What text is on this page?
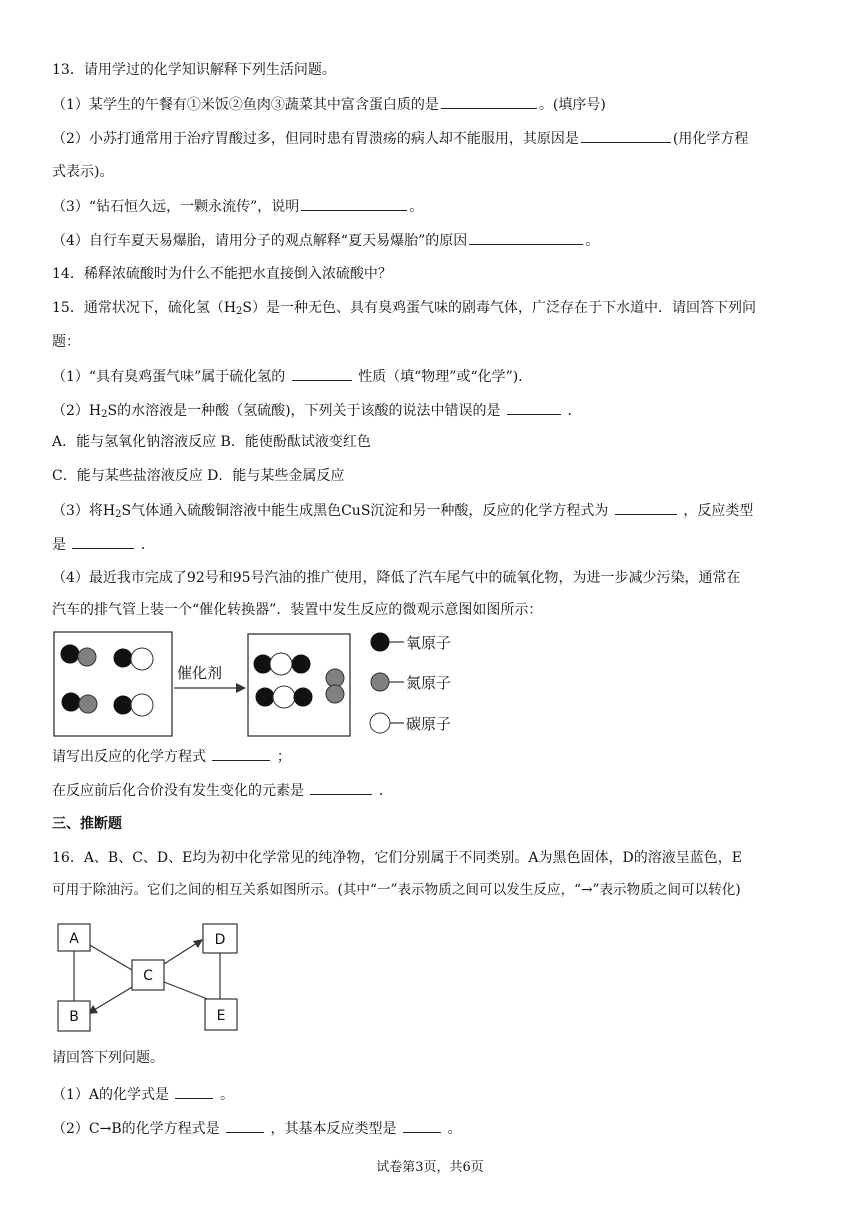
13．请用学过的化学知识解释下列生活问题。
（1）某学生的午餐有①米饭②鱼肉③蔬菜其中富含蛋白质的是	。(填序号)
（2）小苏打通常用于治疗胃酸过多，但同时患有胃溃疡的病人却不能服用，其原因是	(用化学方程
式表示)。
（3）“钻石恒久远，一颗永流传”，说明	。
（4）自行车夏天易爆胎，请用分子的观点解释“夏天易爆胎”的原因	。
14．稀释浓硫酸时为什么不能把水直接倒入浓硫酸中？
15．通常状况下，硫化氢$(H_2S)$是一种无色、具有臭鸡蛋气味的剧毒气体，广泛存在于下水道中．请回答下列问
题：
（1）“具有臭鸡蛋气味”属于硫化氢的	性质（填“物理”或“化学”)．
$(2)H_2S$的水溶液是一种酸（氢硫酸)，下列关于该酸的说法中错误的是	．
A．能与氢氧化钠溶液反应 B．能使酚酞试液变红色
C．能与某些盐溶液反应 D．能与某些金属反应
（3）将$H_2S$气体通入硫酸铜溶液中能生成黑色CuS沉淀和另一种酸，反应的化学方程式为	，反应类型
是	．
（4）最近我市完成了92号和95号汽油的推广使用，降低了汽车尾气中的硫氧化物，为进一步减少污染，通常在
汽车的排气管上装一个“催化转换器”．装置中发生反应的微观示意图如图所示：
催化剂
氧原子
氮原子
碳原子
请写出反应的化学方程式	；
在反应前后化合价没有发生变化的元素是	．
三、推断题
16．A、B、C、D、E均为初中化学常见的纯净物，它们分别属于不同类别。A为黑色固体，D的溶液呈蓝色，E
可用于除油污。它们之间的相互关系如图所示。(其中“一”表示物质之间可以发生反应，“→”表示物质之间可以转化)
A
C
D
B	E
请回答下列问题。
（1）A的化学式是	。
（2）C→B的化学方程式是	，其基本反应类型是	。
试卷第3页，共6页
